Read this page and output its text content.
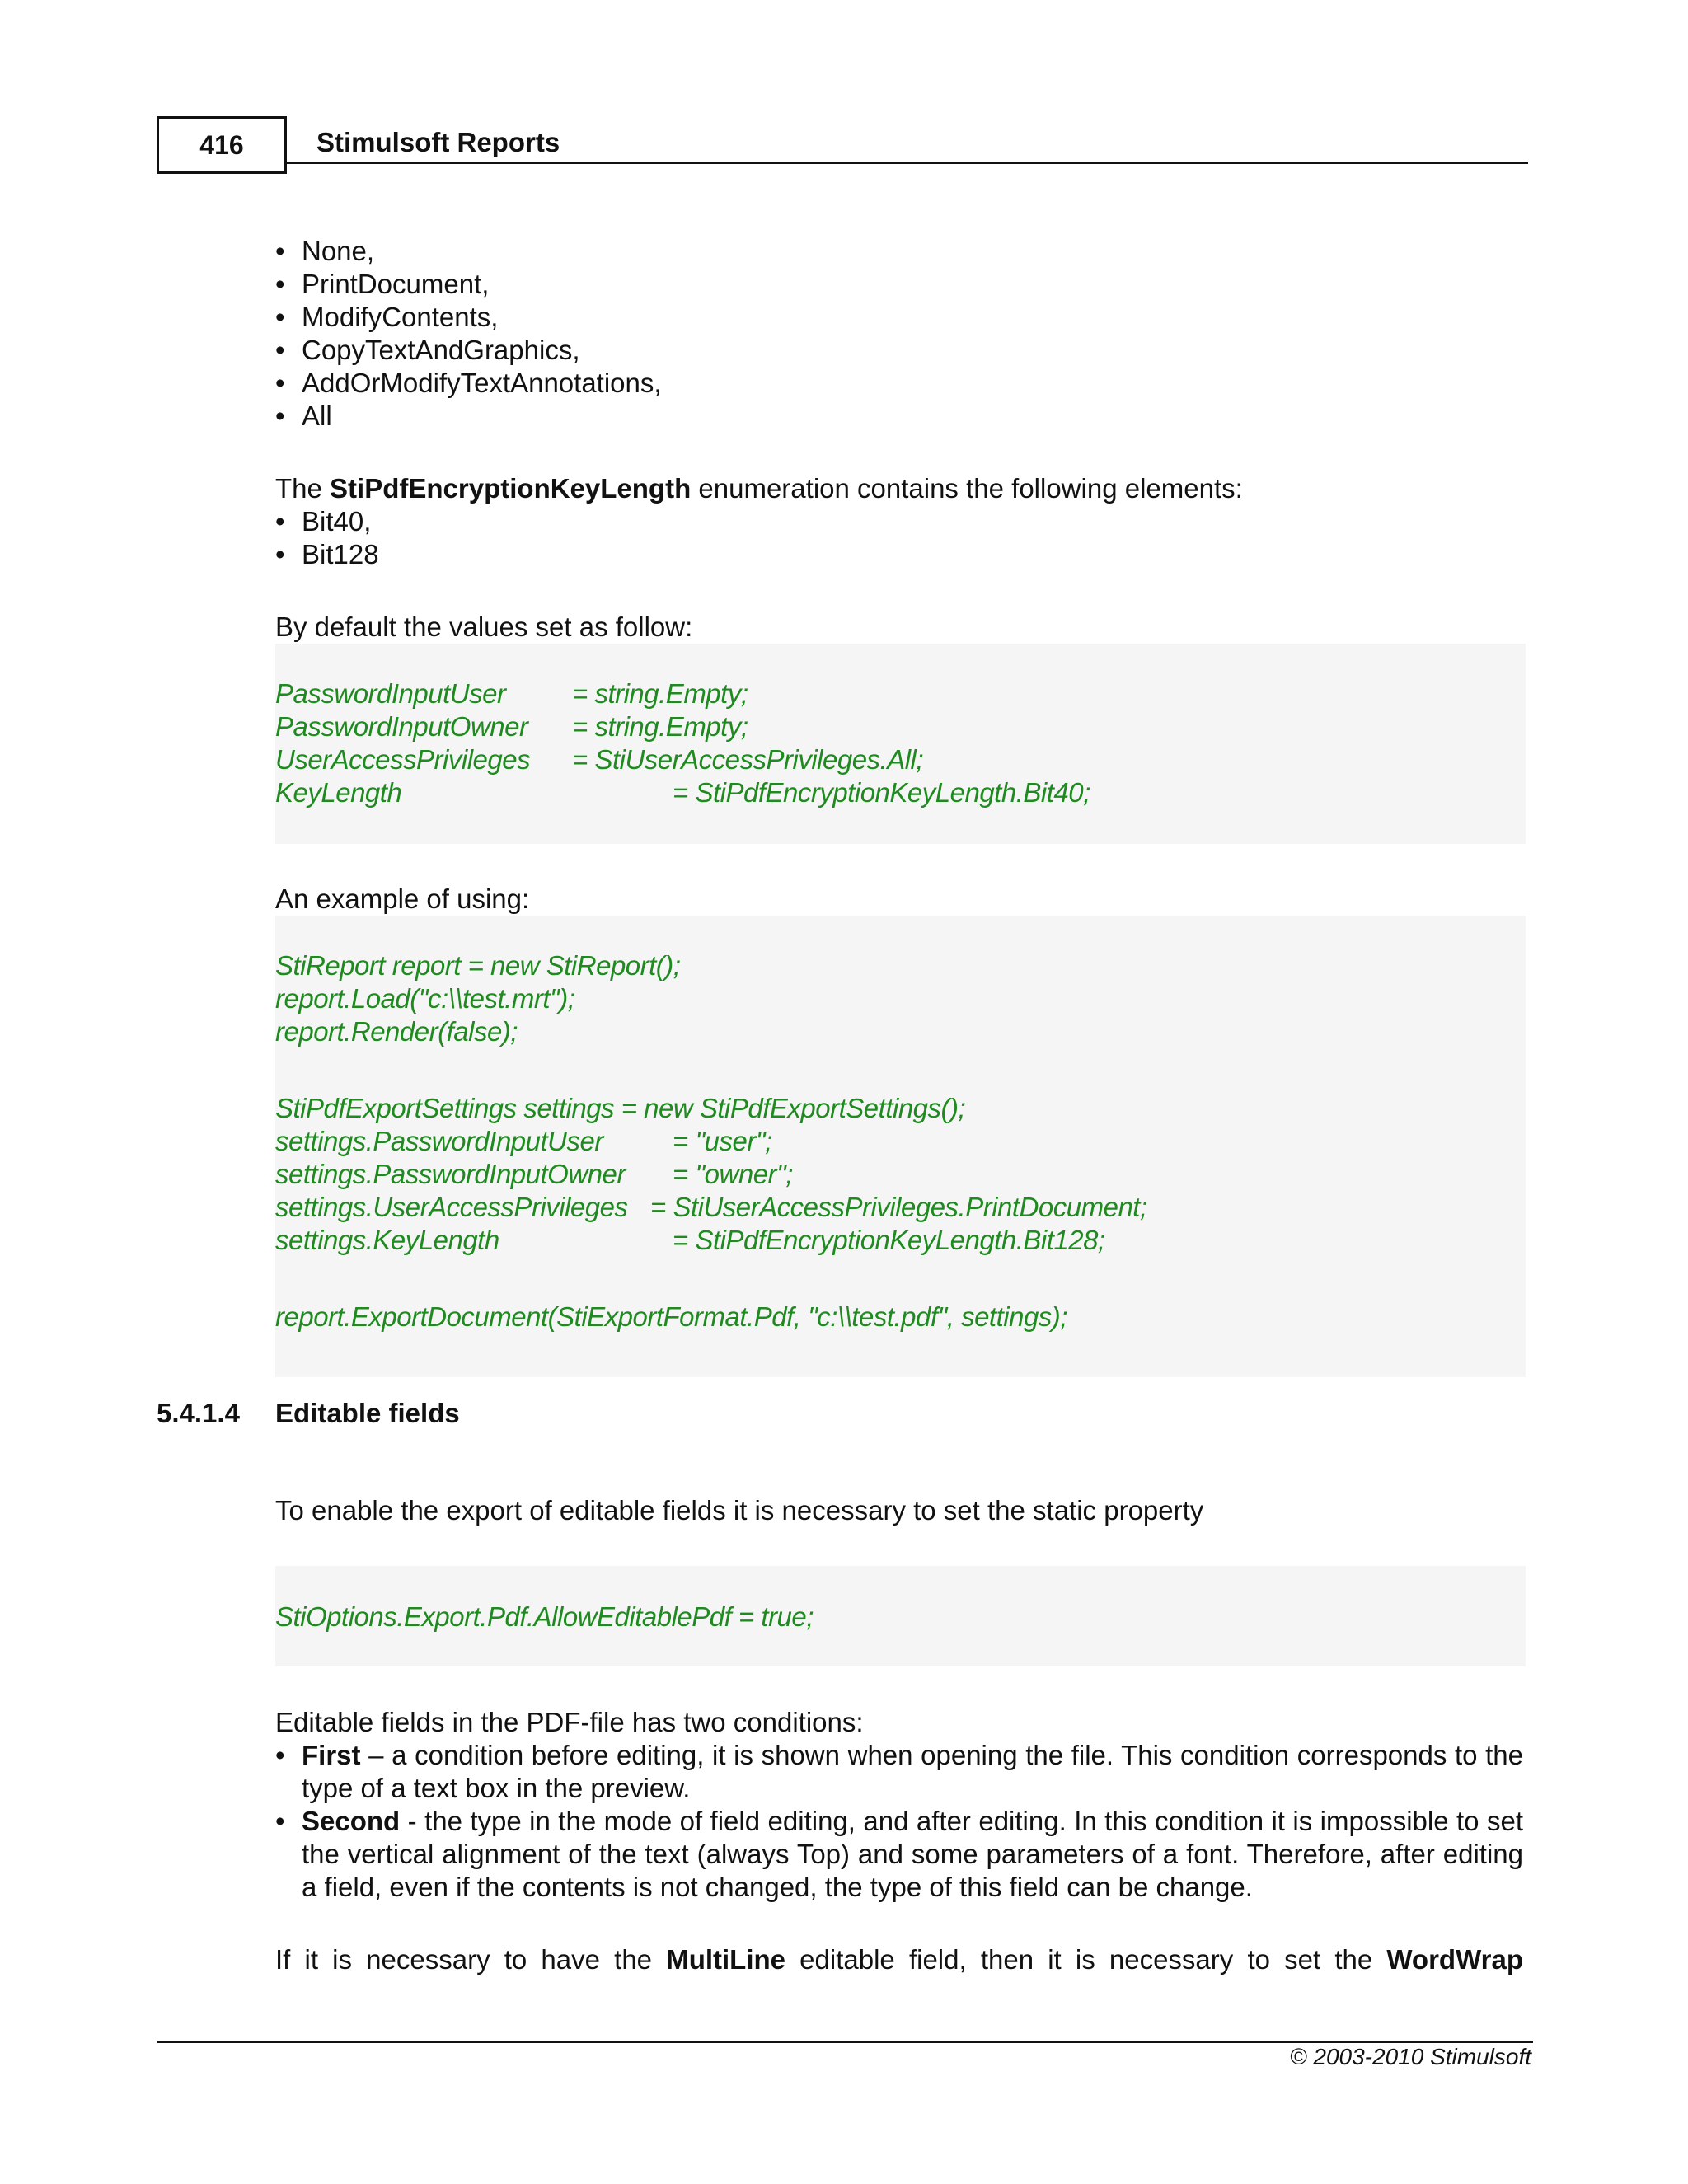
416	Stimulsoft Reports
• None,
• PrintDocument,
• ModifyContents,
• CopyTextAndGraphics,
• AddOrModifyTextAnnotations,
• All
The StiPdfEncryptionKeyLength enumeration contains the following elements:
• Bit40,
• Bit128
By default the values set as follow:
PasswordInputUser = string.Empty;
PasswordInputOwner = string.Empty;
UserAccessPrivileges = StiUserAccessPrivileges.All;
KeyLength	= StiPdfEncryptionKeyLength.Bit40;
An example of using:
StiReport report = new StiReport();
report.Load("c:\\test.mrt");
report.Render(false);
StiPdfExportSettings settings = new StiPdfExportSettings();
settings.PasswordInputUser	= "user";
settings.PasswordInputOwner = "owner";
settings.UserAccessPrivileges = StiUserAccessPrivileges.PrintDocument;
settings.KeyLength	= StiPdfEncryptionKeyLength.Bit128;
report.ExportDocument(StiExportFormat.Pdf, "c:\\test.pdf", settings);
5.4.1.4 Editable fields
To enable the export of editable fields it is necessary to set the static property
StiOptions.Export.Pdf.AllowEditablePdf = true;
Editable fields in the PDF-file has two conditions:
• First – a condition before editing, it is shown when opening the file. This condition corresponds to the type of a text box in the preview.
• Second - the type in the mode of field editing, and after editing. In this condition it is impossible to set the vertical alignment of the text (always Top) and some parameters of a font. Therefore, after editing a field, even if the contents is not changed, the type of this field can be change.
If it is necessary to have the MultiLine editable field, then it is necessary to set the WordWrap
© 2003-2010 Stimulsoft
